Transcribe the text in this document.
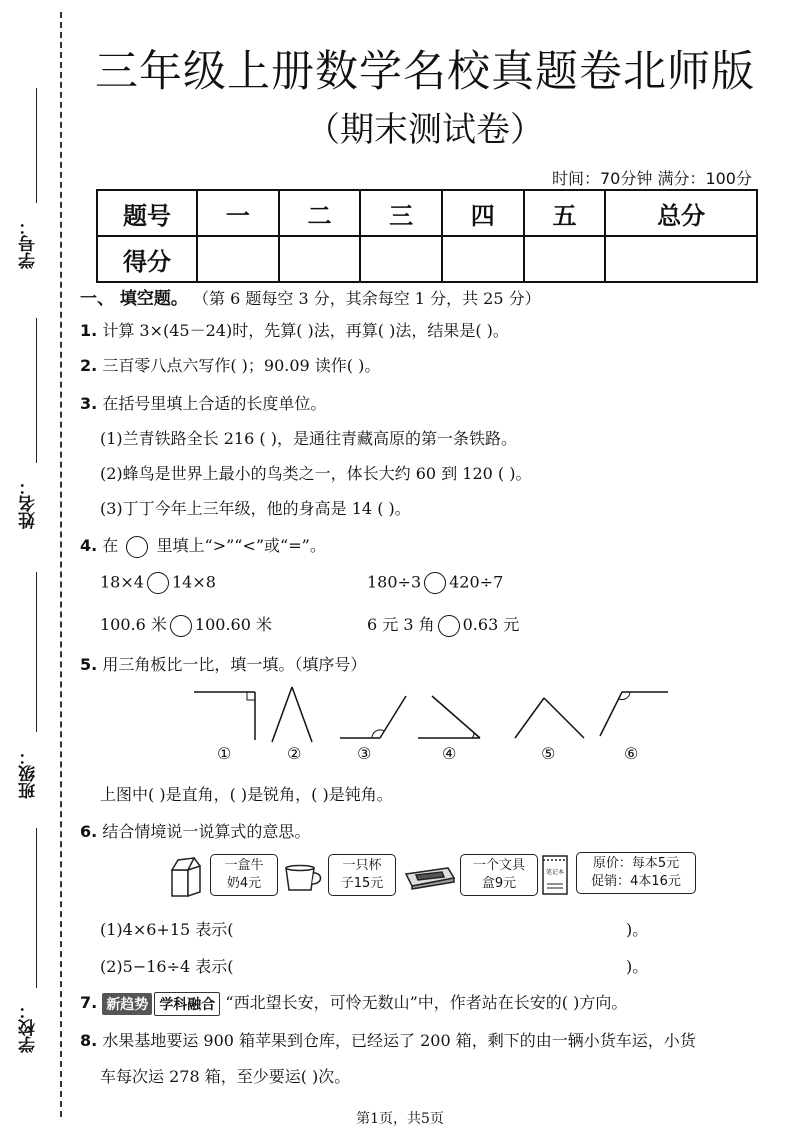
学号：
姓名：
班级：
学校：
三年级上册数学名校真题卷北师版
（期末测试卷）
时间：70分钟 满分：100分
题号	一	二	三	四	五	总分
得分						
一、 填空题。 （第 6 题每空 3 分，其余每空 1 分，共 25 分）
1. 计算 3×(45－24)时，先算( )法，再算( )法，结果是( )。
2. 三百零八点六写作( )；90.09 读作( )。
3. 在括号里填上合适的长度单位。
(1)兰青铁路全长 216 ( )，是通往青藏高原的第一条铁路。
(2)蜂鸟是世界上最小的鸟类之一，体长大约 60 到 120 ( )。
(3)丁丁今年上三年级，他的身高是 14 ( )。
4. 在 里填上“>”“<”或“=”。
18×4 14×8	180÷3 420÷7
100.6 米 100.60 米	6 元 3 角 0.63 元
5. 用三角板比一比，填一填。（填序号）
①	②	③	④	⑤	⑥
上图中( )是直角，( )是锐角，( )是钝角。
6. 结合情境说一说算式的意思。
一盒牛
奶4元
一只杯
子15元
一个文具
盒9元
笔记本
原价：每本5元
促销：4本16元
(1)4×6+15 表示(	)。
(2)5−16÷4 表示(	)。
7. 新趋势 学科融合 “西北望长安，可怜无数山”中，作者站在长安的( )方向。
8. 水果基地要运 900 箱苹果到仓库，已经运了 200 箱，剩下的由一辆小货车运，小货
车每次运 278 箱，至少要运( )次。
第1页，共5页
